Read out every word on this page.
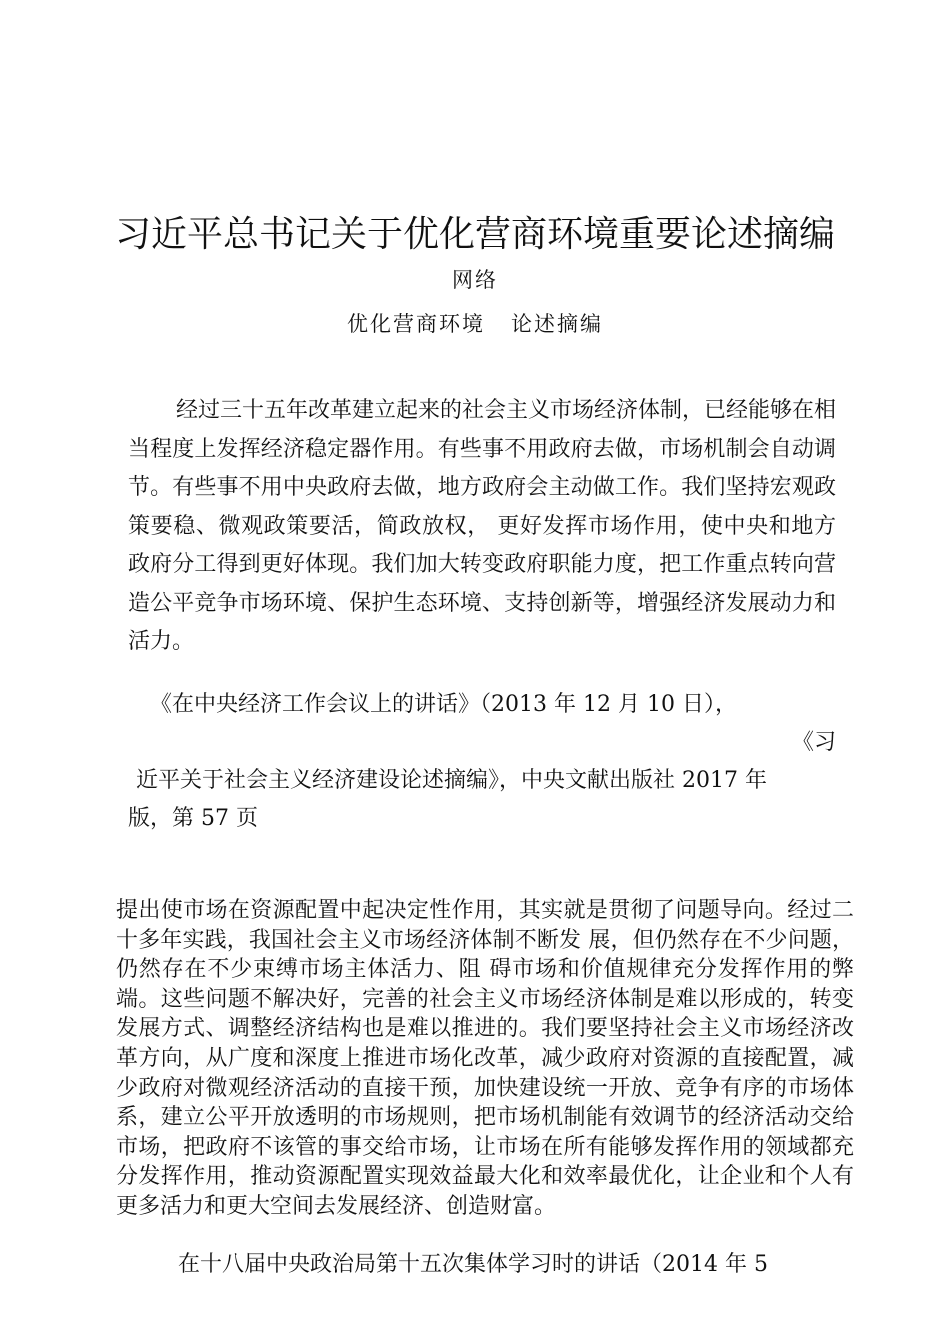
习近平总书记关于优化营商环境重要论述摘编
网络
优化营商环境   论述摘编
经过三十五年改革建立起来的社会主义市场经济体制，已经能够在相当程度上发挥经济稳定器作用。有些事不用政府去做，市场机制会自动调节。有些事不用中央政府去做，地方政府会主动做工作。我们坚持宏观政策要稳、微观政策要活，简政放权， 更好发挥市场作用，使中央和地方政府分工得到更好体现。我们加大转变政府职能力度，把工作重点转向营造公平竞争市场环境、保护生态环境、支持创新等，增强经济发展动力和活力。
《在中央经济工作会议上的讲话》（2013 年 12 月 10 日），
《习
近平关于社会主义经济建设论述摘编》，中央文献出版社 2017 年
版，第 57 页
提出使市场在资源配置中起决定性作用，其实就是贯彻了问题导向。经过二十多年实践，我国社会主义市场经济体制不断发 展，但仍然存在不少问题，仍然存在不少束缚市场主体活力、阻 碍市场和价值规律充分发挥作用的弊端。这些问题不解决好，完善的社会主义市场经济体制是难以形成的，转变发展方式、调整经济结构也是难以推进的。我们要坚持社会主义市场经济改革方向，从广度和深度上推进市场化改革，减少政府对资源的直接配置，减少政府对微观经济活动的直接干预，加快建设统一开放、竞争有序的市场体系，建立公平开放透明的市场规则，把市场机制能有效调节的经济活动交给市场，把政府不该管的事交给市场，让市场在所有能够发挥作用的领域都充分发挥作用，推动资源配置实现效益最大化和效率最优化，让企业和个人有更多活力和更大空间去发展经济、创造财富。
在十八届中央政治局第十五次集体学习时的讲话（2014 年 5
